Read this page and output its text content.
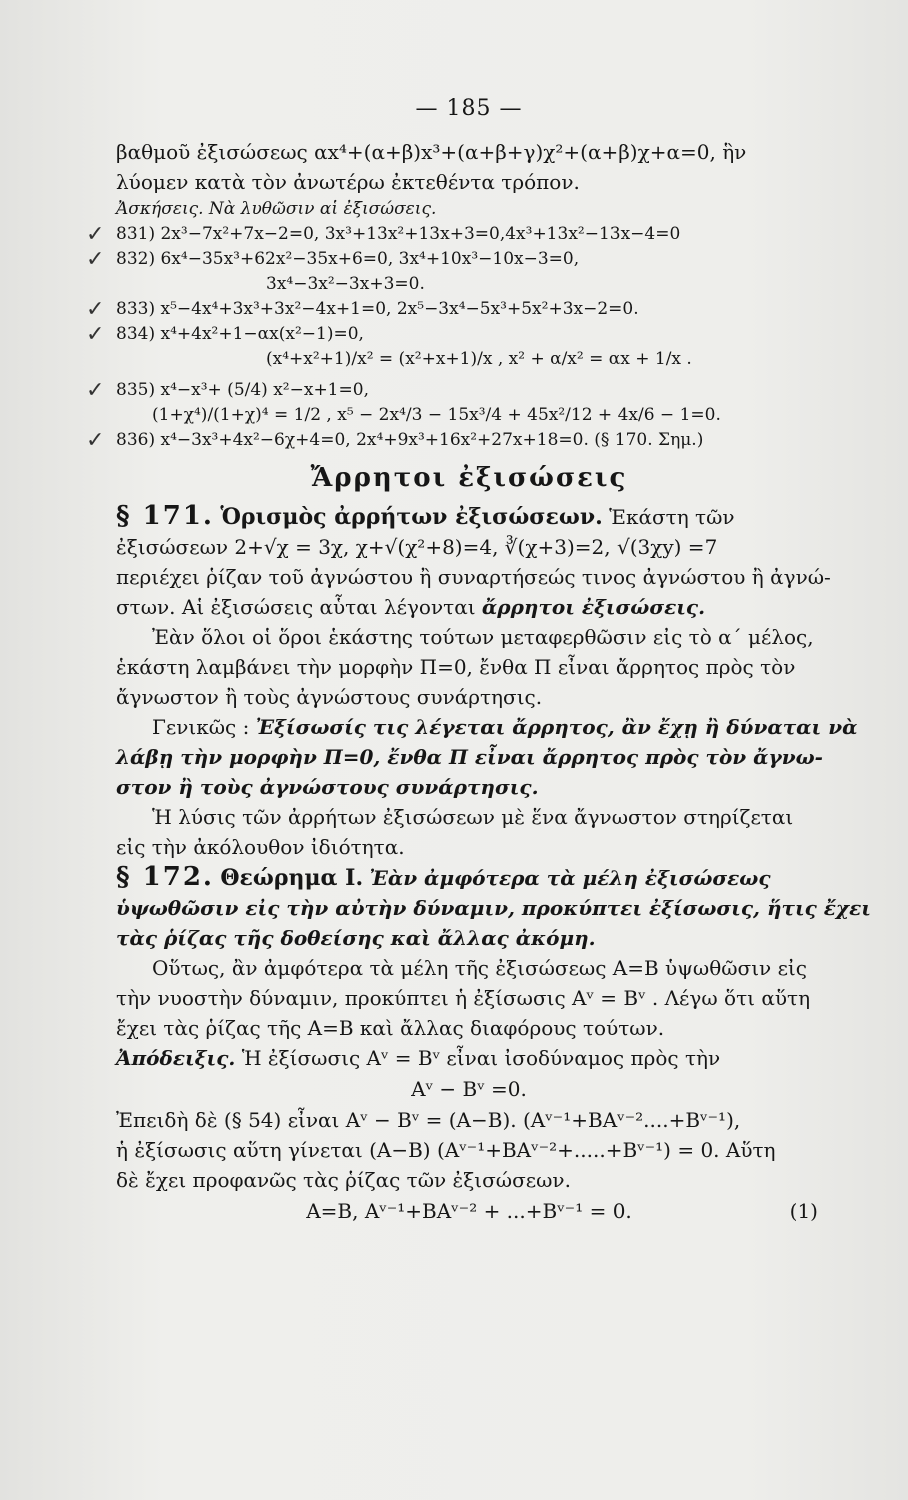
— 185 —
βαθμοῦ ἐξισώσεως αx⁴+(α+β)x³+(α+β+γ)χ²+(α+β)χ+α=0, ἣν
λύομεν κατὰ τὸν ἀνωτέρω ἐκτεθέντα τρόπον.
Ἀσκήσεις. Νὰ λυθῶσιν αἱ ἐξισώσεις.
✓ 831) 2x³−7x²+7x−2=0, 3x³+13x²+13x+3=0,4x³+13x²−13x−4=0
✓ 832) 6x⁴−35x³+62x²−35x+6=0, 3x⁴+10x³−10x−3=0,
3x⁴−3x²−3x+3=0.
✓ 833) x⁵−4x⁴+3x³+3x²−4x+1=0, 2x⁵−3x⁴−5x³+5x²+3x−2=0.
✓ 834) x⁴+4x²+1−αx(x²−1)=0,
(x⁴+x²+1)/x² = (x²+x+1)/x , x² + α/x² = αx + 1/x .
✓ 835) x⁴−x³+ (5/4) x²−x+1=0,
(1+χ⁴)/(1+χ)⁴ = 1/2 , x⁵ − 2x⁴/3 − 15x³/4 + 45x²/12 + 4x/6 − 1=0.
✓ 836) x⁴−3x³+4x²−6χ+4=0, 2x⁴+9x³+16x²+27x+18=0. (§ 170. Σημ.)
Ἄρρητοι ἐξισώσεις
§ 171. Ὁρισμὸς ἀρρήτων ἐξισώσεων. Ἑκάστη τῶν
ἐξισώσεων 2+√χ = 3χ, χ+√(χ²+8)=4, ∛(χ+3)=2, √(3χy) =7
περιέχει ῥίζαν τοῦ ἀγνώστου ἢ συναρτήσεώς τινος ἀγνώστου ἢ ἀγνώ-
στων. Αἱ ἐξισώσεις αὗται λέγονται ἄρρητοι ἐξισώσεις.
Ἐὰν ὅλοι οἱ ὅροι ἑκάστης τούτων μεταφερθῶσιν εἰς τὸ α΄ μέλος,
ἑκάστη λαμβάνει τὴν μορφὴν Π=0, ἔνθα Π εἶναι ἄρρητος πρὸς τὸν
ἄγνωστον ἢ τοὺς ἀγνώστους συνάρτησις.
Γενικῶς : Ἐξίσωσίς τις λέγεται ἄρρητος, ἂν ἔχῃ ἢ δύναται νὰ
λάβῃ τὴν μορφὴν Π=0, ἔνθα Π εἶναι ἄρρητος πρὸς τὸν ἄγνω-
στον ἢ τοὺς ἀγνώστους συνάρτησις.
Ἡ λύσις τῶν ἀρρήτων ἐξισώσεων μὲ ἕνα ἄγνωστον στηρίζεται
εἰς τὴν ἀκόλουθον ἰδιότητα.
§ 172. Θεώρημα Ι. Ἐὰν ἀμφότερα τὰ μέλη ἐξισώσεως
ὑψωθῶσιν εἰς τὴν αὐτὴν δύναμιν, προκύπτει ἐξίσωσις, ἥτις ἔχει
τὰς ῥίζας τῆς δοθείσης καὶ ἄλλας ἀκόμη.
Οὕτως, ἂν ἀμφότερα τὰ μέλη τῆς ἐξισώσεως A=B ὑψωθῶσιν εἰς
τὴν νυοστὴν δύναμιν, προκύπτει ἡ ἐξίσωσις Aᵛ = Bᵛ . Λέγω ὅτι αὕτη
ἔχει τὰς ῥίζας τῆς A=B καὶ ἄλλας διαφόρους τούτων.
Ἀπόδειξις. Ἡ ἐξίσωσις Aᵛ = Bᵛ εἶναι ἰσοδύναμος πρὸς τὴν
Aᵛ − Bᵛ =0.
Ἐπειδὴ δὲ (§ 54) εἶναι Aᵛ − Bᵛ = (A−B). (Aᵛ⁻¹+BAᵛ⁻²....+Bᵛ⁻¹),
ἡ ἐξίσωσις αὕτη γίνεται (A−B) (Aᵛ⁻¹+BAᵛ⁻²+.....+Bᵛ⁻¹) = 0. Αὕτη
δὲ ἔχει προφανῶς τὰς ῥίζας τῶν ἐξισώσεων.
A=B, Aᵛ⁻¹+BAᵛ⁻² + ...+Bᵛ⁻¹ = 0.	(1)
